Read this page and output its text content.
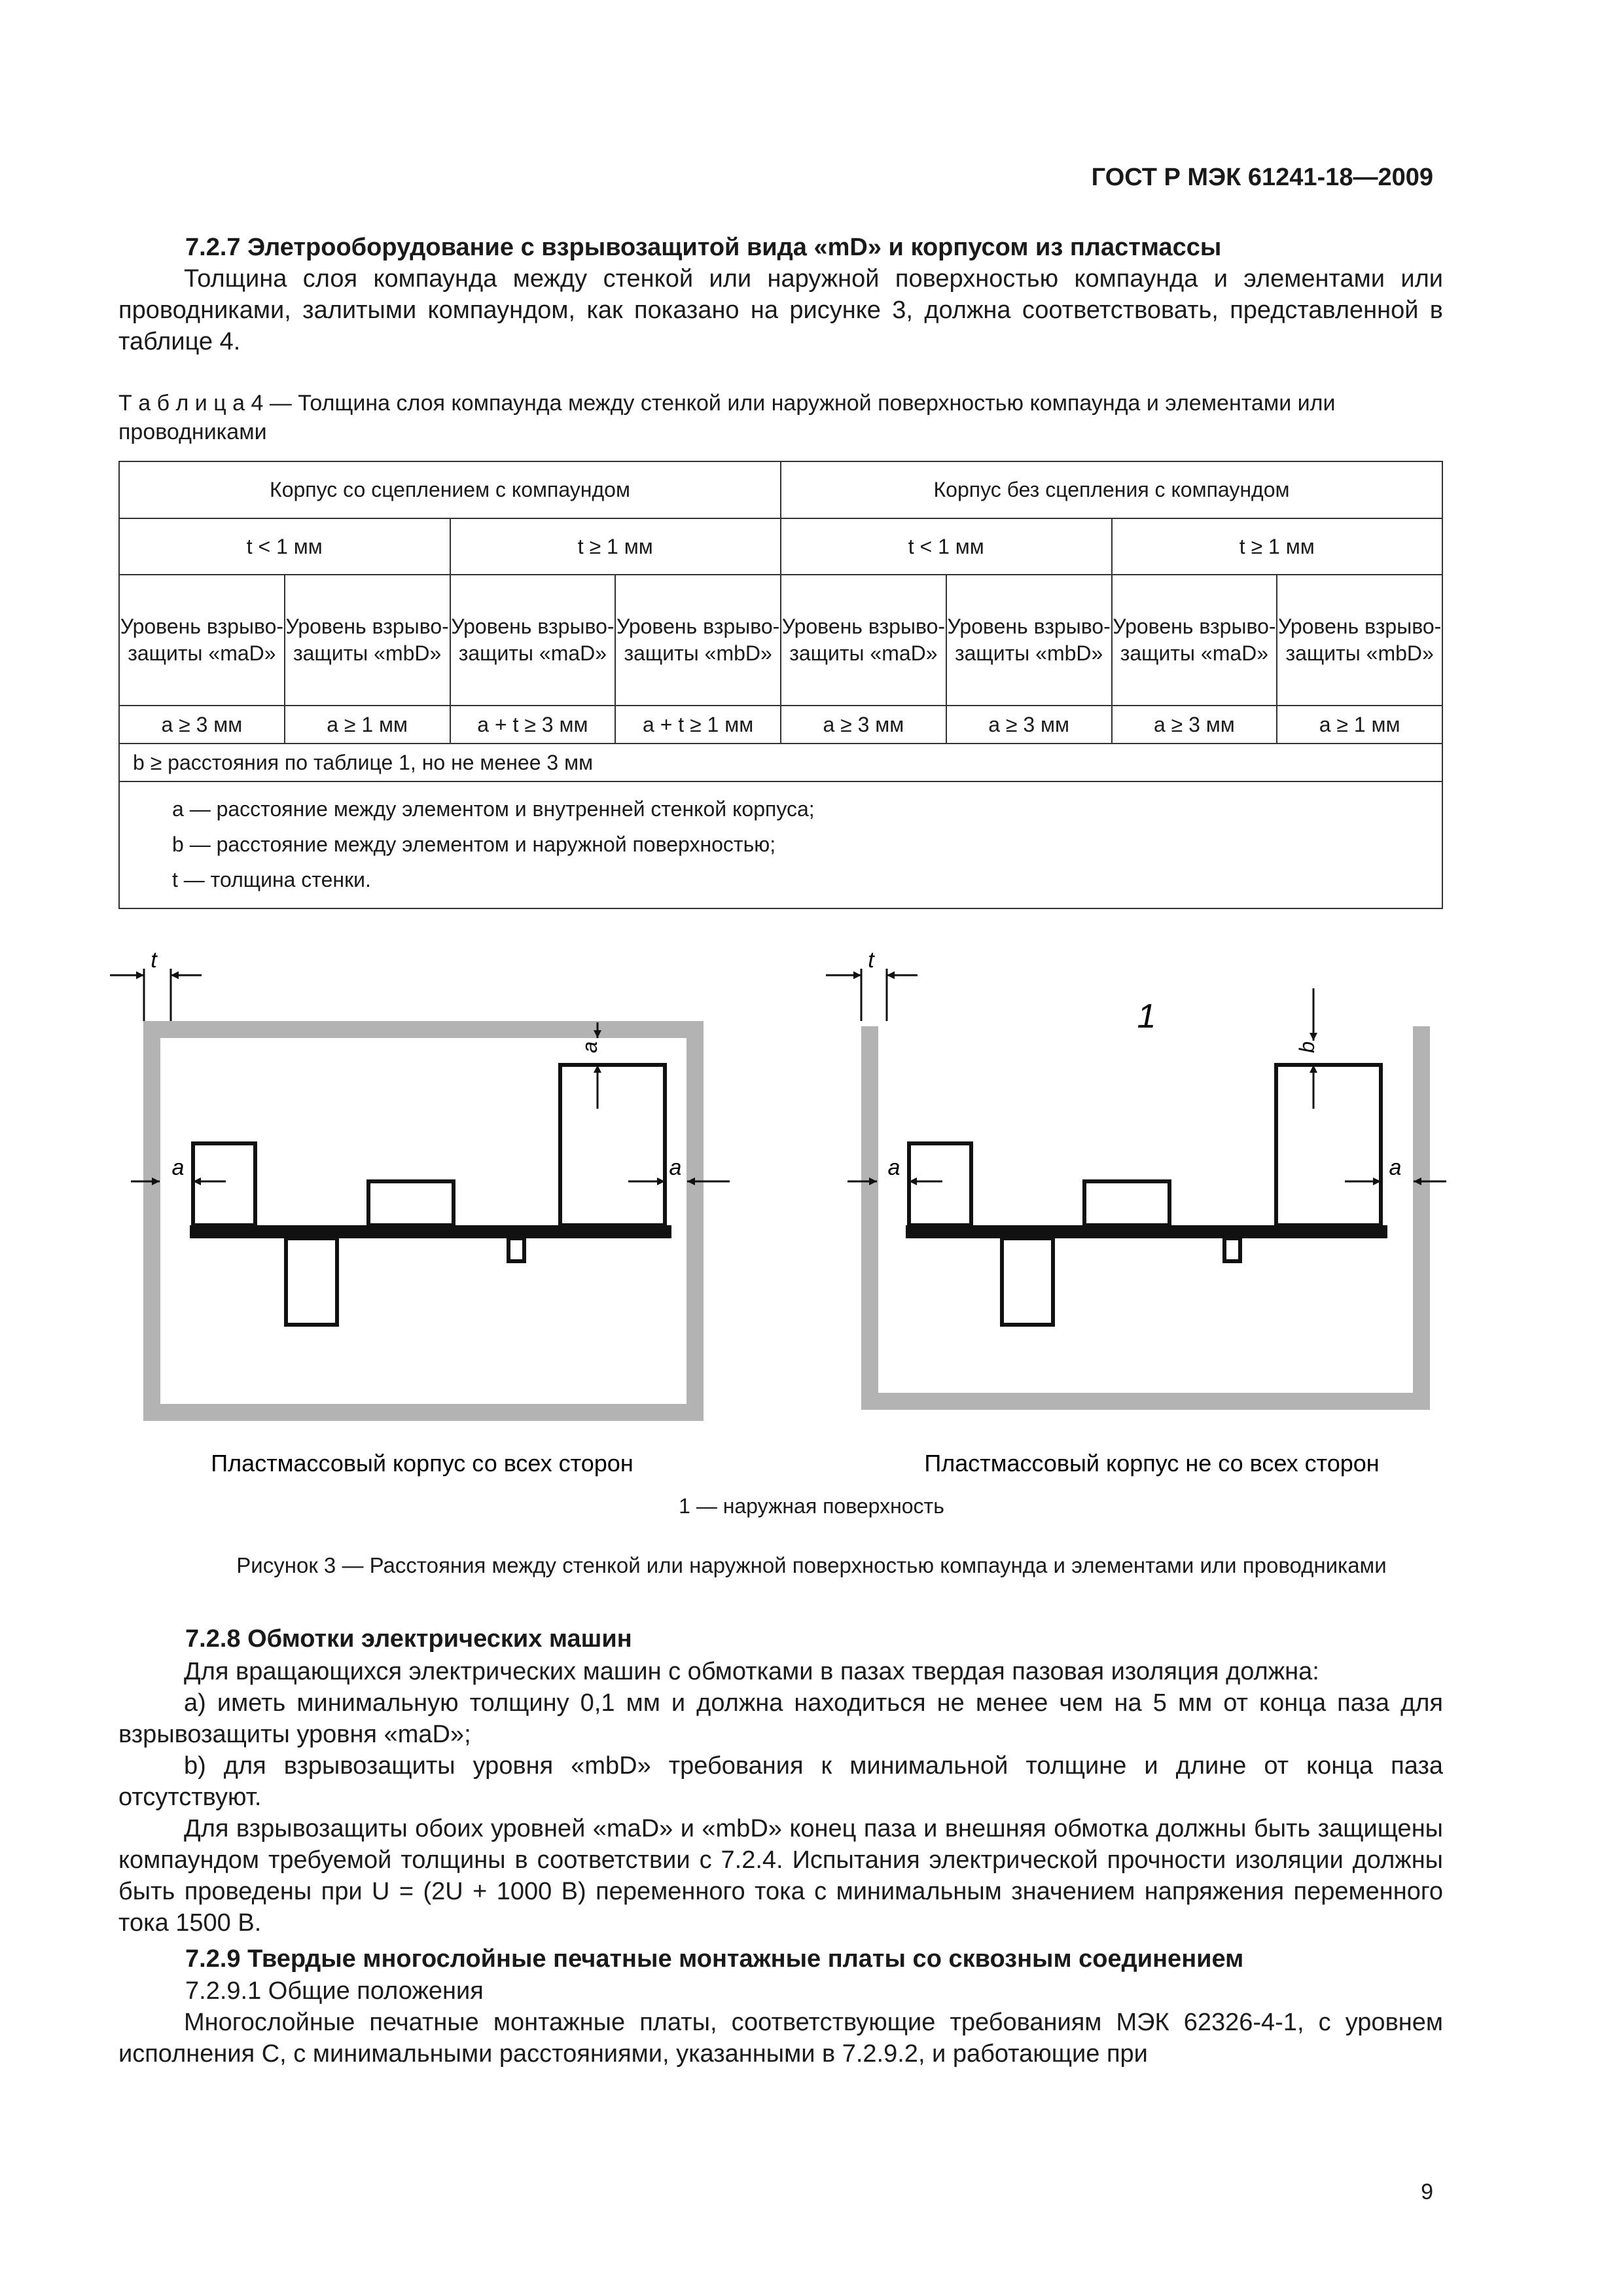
ГОСТ Р МЭК 61241-18—2009
7.2.7 Элетрооборудование с взрывозащитой вида «mD» и корпусом из пластмассы
Толщина слоя компаунда между стенкой или наружной поверхностью компаунда и элементами или проводниками, залитыми компаундом, как показано на рисунке 3, должна соответствовать, представленной в таблице 4.
Т а б л и ц а 4 — Толщина слоя компаунда между стенкой или наружной поверхностью компаунда и элементами или проводниками
Корпус со сцеплением с компаундом				Корпус без сцепления с компаундом			
t < 1 мм		t ≥ 1 мм		t < 1 мм		t ≥ 1 мм	
Уровень взрыво-защиты «maD»	Уровень взрыво-защиты «mbD»	Уровень взрыво-защиты «maD»	Уровень взрыво-защиты «mbD»	Уровень взрыво-защиты «maD»	Уровень взрыво-защиты «mbD»	Уровень взрыво-защиты «maD»	Уровень взрыво-защиты «mbD»
a ≥ 3 мм	a ≥ 1 мм	a + t ≥ 3 мм	a + t ≥ 1 мм	a ≥ 3 мм	a ≥ 3 мм	a ≥ 3 мм	a ≥ 1 мм
b ≥ расстояния по таблице 1, но не менее 3 мм							

a — расстояние между элементом и внутренней стенкой корпуса;
b — расстояние между элементом и наружной поверхностью;
t — толщина стенки.							
t
a
a	a
t
1
b
a	a
Пластмассовый корпус со всех сторон	Пластмассовый корпус не со всех сторон
1 — наружная поверхность
Рисунок 3 — Расстояния между стенкой или наружной поверхностью компаунда и элементами или проводниками
7.2.8 Обмотки электрических машин
Для вращающихся электрических машин с обмотками в пазах твердая пазовая изоляция должна:
а) иметь минимальную толщину 0,1 мм и должна находиться не менее чем на 5 мм от конца паза для взрывозащиты уровня «maD»;
b) для взрывозащиты уровня «mbD» требования к минимальной толщине и длине от конца паза отсутствуют.
Для взрывозащиты обоих уровней «maD» и «mbD» конец паза и внешняя обмотка должны быть защищены компаундом требуемой толщины в соответствии с 7.2.4. Испытания электрической прочности изоляции должны быть проведены при U = (2U + 1000 В) переменного тока с минимальным значением напряжения переменного тока 1500 В.
7.2.9 Твердые многослойные печатные монтажные платы со сквозным соединением
7.2.9.1 Общие положения
Многослойные печатные монтажные платы, соответствующие требованиям МЭК 62326-4-1, с уровнем исполнения С, с минимальными расстояниями, указанными в 7.2.9.2, и работающие при
9
